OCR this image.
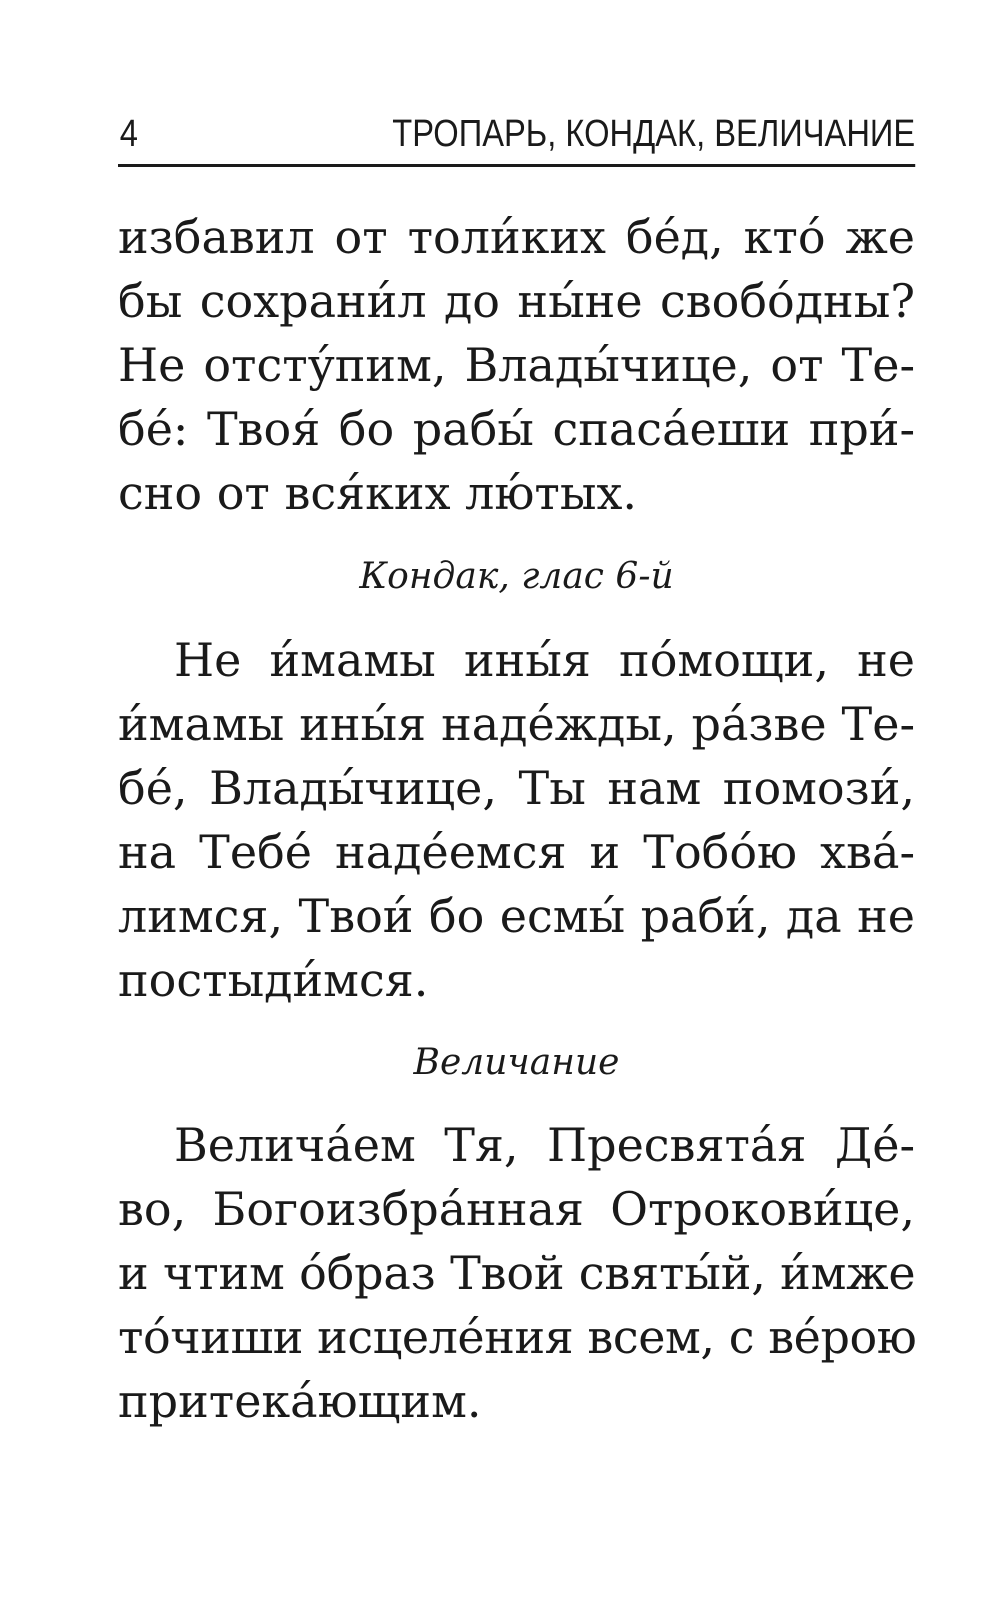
4	ТРОПАРЬ, КОНДАК, ВЕЛИЧАНИЕ
избавил от толи́ких бе́д, кто́ же
бы сохрани́л до ны́не свобо́дны?
Не отсту́пим, Влады́чице, от Те-
бе́: Твоя́ бо рабы́ спаса́еши при́-
сно от вся́ких лю́тых.
Кондак, глас 6-й
Не и́мамы ины́я по́мощи, не
и́мамы ины́я наде́жды, ра́зве Те-
бе́, Влады́чице, Ты нам помози́,
на Тебе́ наде́емся и Тобо́ю хва́-
лимся, Твои́ бо есмы́ раби́, да не
постыди́мся.
Величание
Велича́ем Тя, Пресвята́я Де́-
во, Богоизбра́нная Отрокови́це,
и чтим о́браз Твой святы́й, и́мже
то́чиши исцеле́ния всем, с ве́рою
притека́ющим.
